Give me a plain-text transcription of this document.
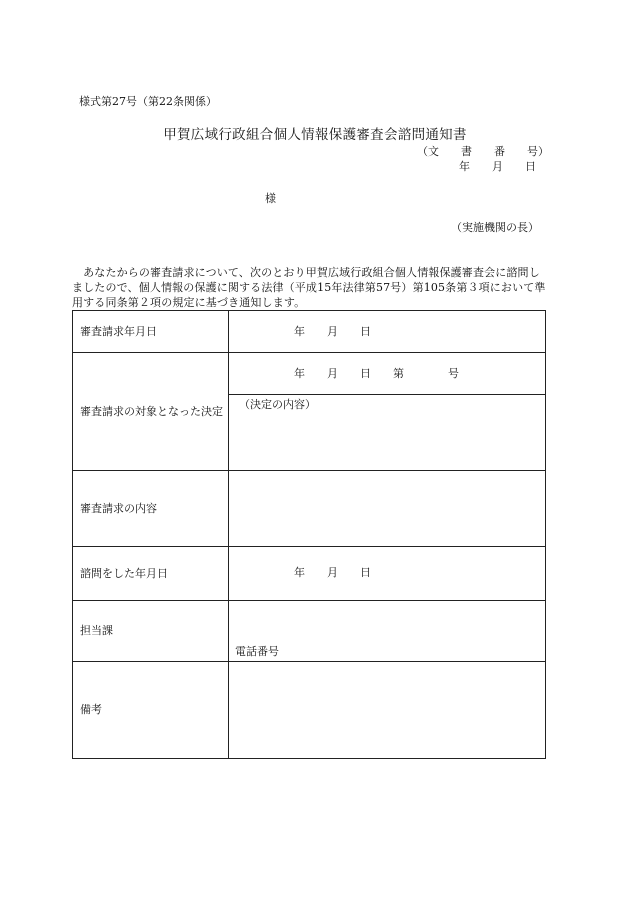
様式第27号（第22条関係）
甲賀広域行政組合個人情報保護審査会諮問通知書
（文　　書　　番　　号）
年　　月　　日
様
（実施機関の長）
　あなたからの審査請求について、次のとおり甲賀広域行政組合個人情報保護審査会に諮問しましたので、個人情報の保護に関する法律（平成15年法律第57号）第105条第３項において準用する同条第２項の規定に基づき通知します。
審査請求年月日	年　　月　　日

審査請求の対象となった決定	年　　月　　日　　第　　　　号

	（決定の内容）

審査請求の内容	
諮問をした年月日	年　　月　　日

担当課	電話番号

備考	
